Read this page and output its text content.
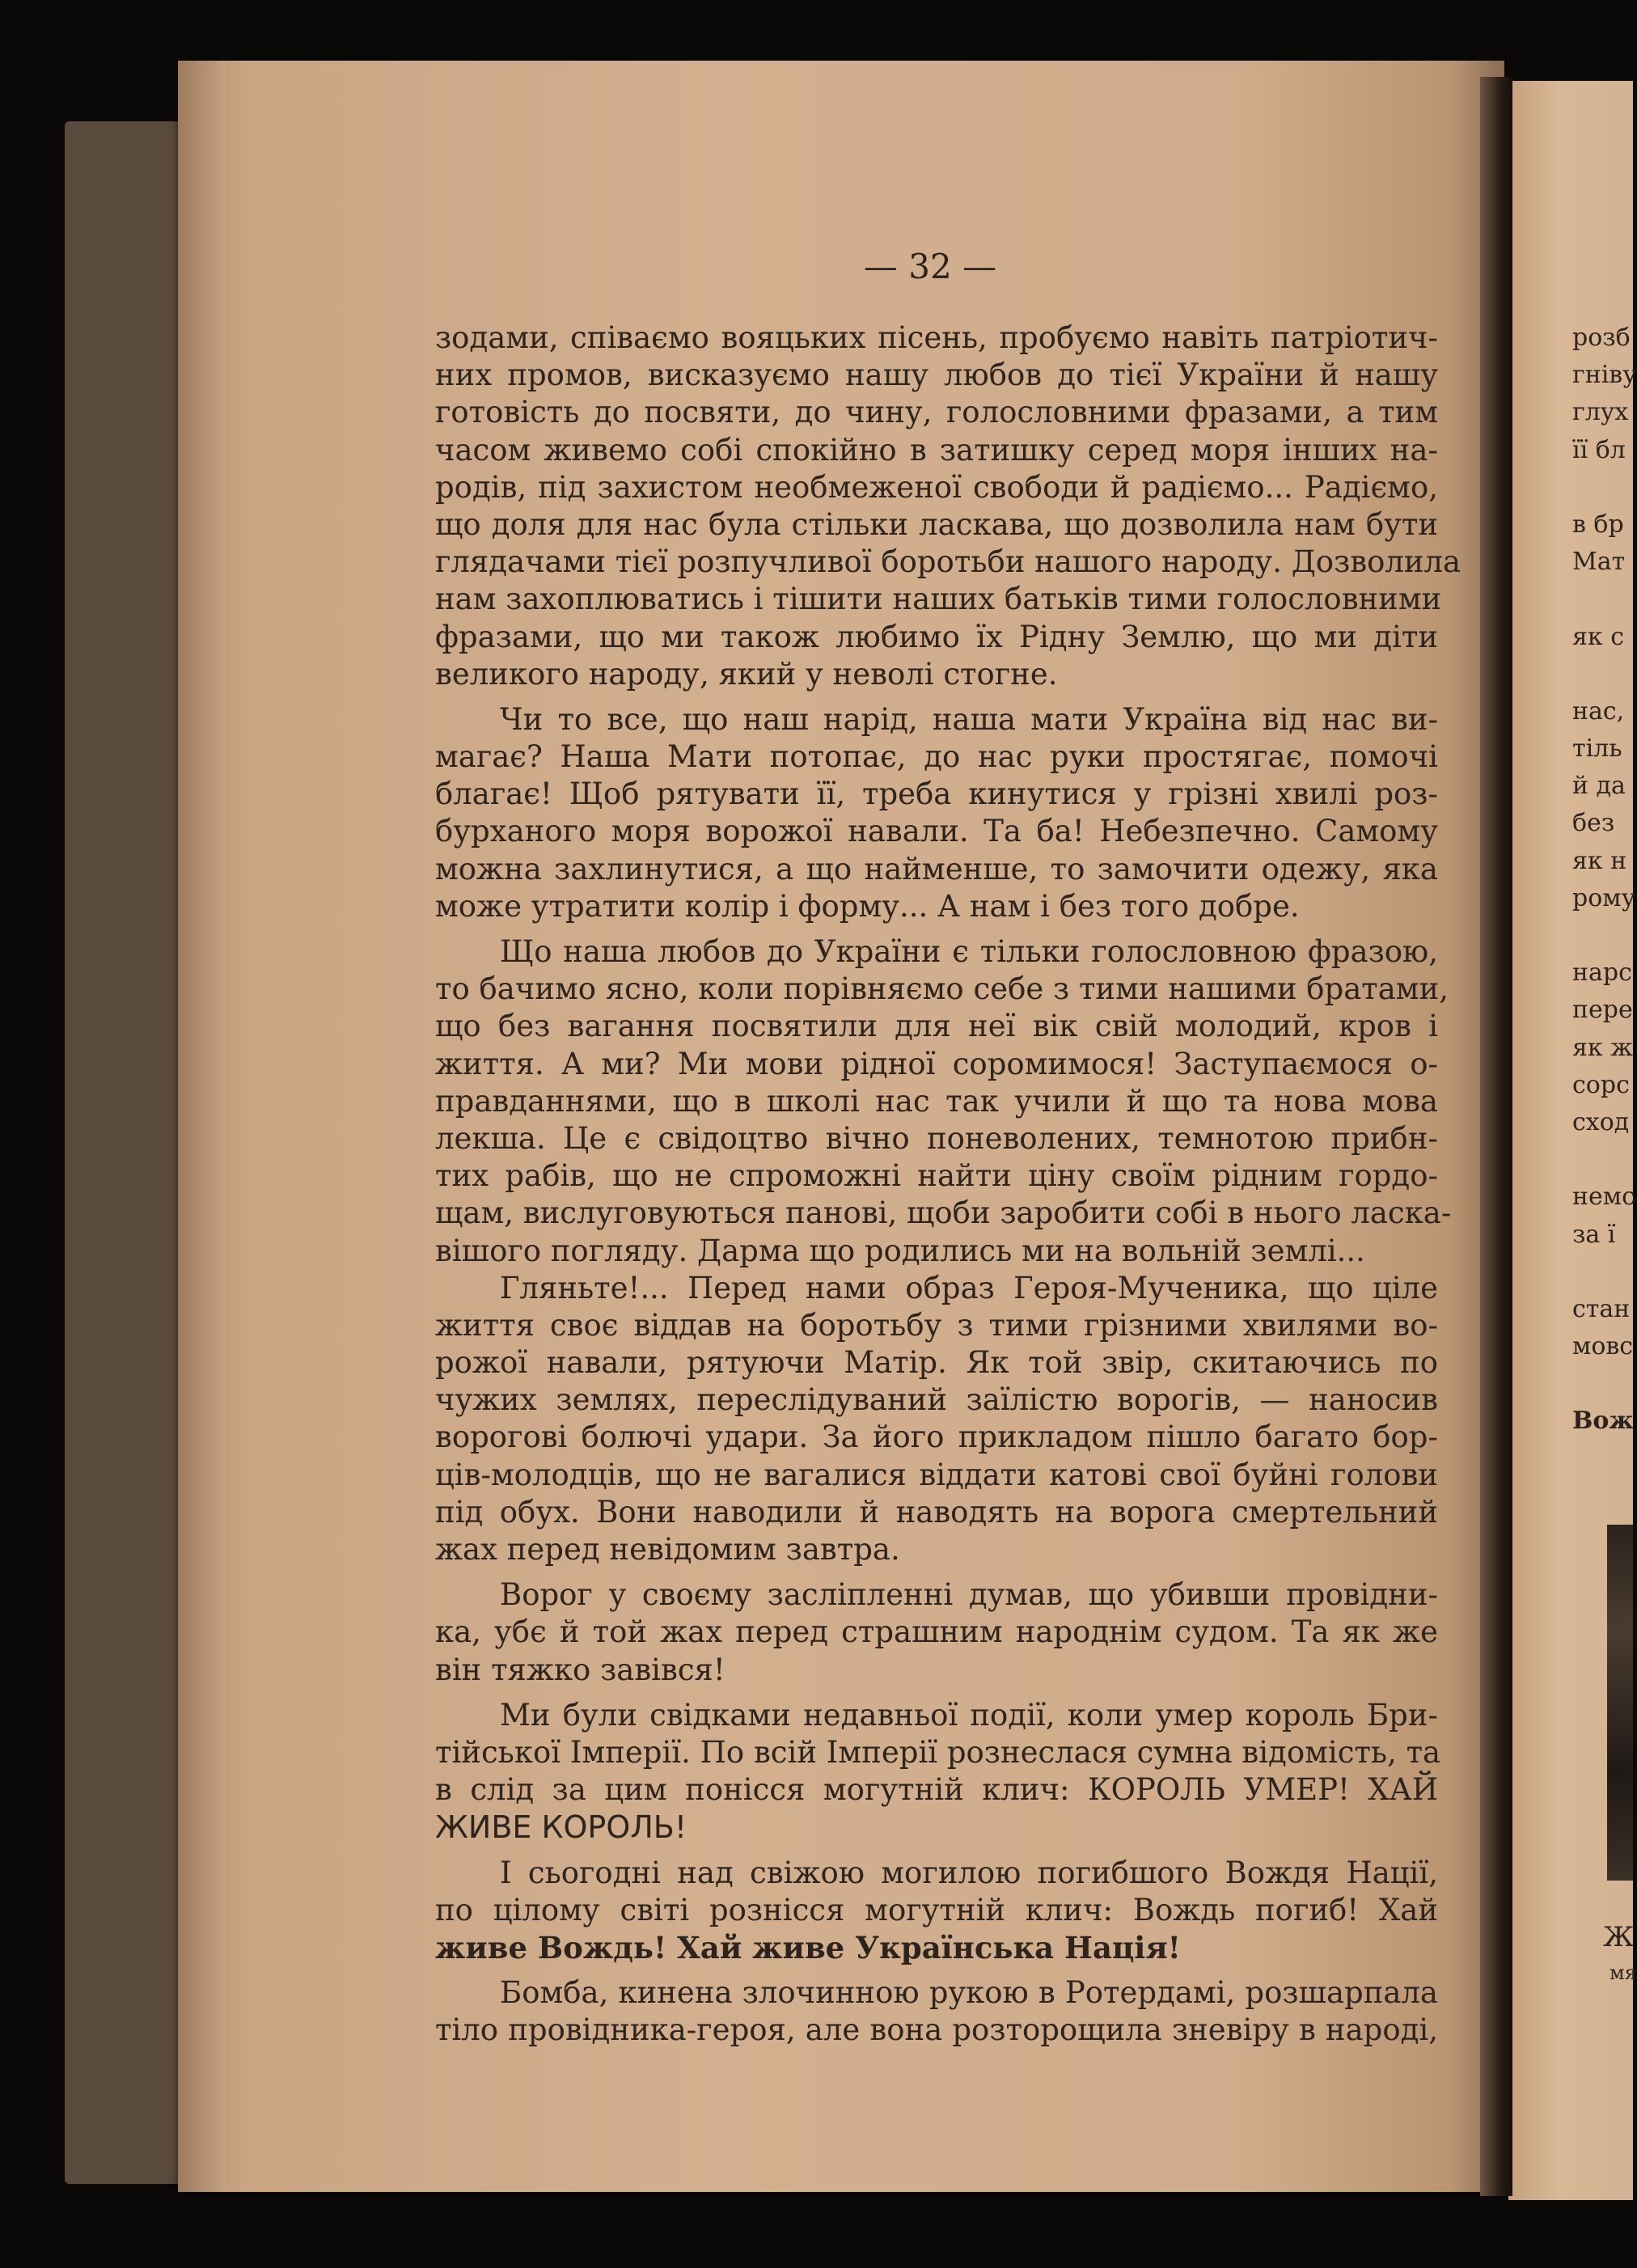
— 32 —
зодами, співаємо вояцьких пісень, пробуємо навіть патріотич-
них промов, висказуємо нашу любов до тієї України й нашу
готовість до посвяти, до чину, голословними фразами, а тим
часом живемо собі спокійно в затишку серед моря інших на-
родів, під захистом необмеженої свободи й радіємо... Радіємо,
що доля для нас була стільки ласкава, що дозволила нам бути
глядачами тієї розпучливої боротьби нашого народу. Дозволила
нам захоплюватись і тішити наших батьків тими голословними
фразами, що ми також любимо їх Рідну Землю, що ми діти
великого народу, який у неволі стогне.
Чи то все, що наш нарід, наша мати Україна від нас ви-
магає? Наша Мати потопає, до нас руки простягає, помочі
благає! Щоб рятувати її, треба кинутися у грізні хвилі роз-
бурханого моря ворожої навали. Та ба! Небезпечно. Самому
можна захлинутися, а що найменше, то замочити одежу, яка
може утратити колір і форму... А нам і без того добре.
Що наша любов до України є тільки голословною фразою,
то бачимо ясно, коли порівняємо себе з тими нашими братами,
що без вагання посвятили для неї вік свій молодий, кров і
життя. А ми? Ми мови рідної соромимося! Заступаємося о-
правданнями, що в школі нас так учили й що та нова мова
лекша. Це є свідоцтво вічно поневолених, темнотою прибн-
тих рабів, що не спроможні найти ціну своїм рідним гордо-
щам, вислуговуються панові, щоби заробити собі в нього ласка-
вішого погляду. Дарма що родились ми на вольній землі...
Гляньте!... Перед нами образ Героя-Мученика, що ціле
життя своє віддав на боротьбу з тими грізними хвилями во-
рожої навали, рятуючи Матір. Як той звір, скитаючись по
чужих землях, переслідуваний заїлістю ворогів, — наносив
ворогові болючі удари. За його прикладом пішло багато бор-
ців-молодців, що не вагалися віддати катові свої буйні голови
під обух. Вони наводили й наводять на ворога смертельний
жах перед невідомим завтра.
Ворог у своєму засліпленні думав, що убивши провідни-
ка, убє й той жах перед страшним народнім судом. Та як же
він тяжко завівся!
Ми були свідками недавньої події, коли умер король Бри-
тійської Імперії. По всій Імперії рознеслася сумна відомість, та
в слід за цим понісся могутній клич: КОРОЛЬ УМЕР! ХАЙ
ЖИВЕ КОРОЛЬ!
І сьогодні над свіжою могилою погибшого Вождя Нації,
по цілому світі розніcся могутній клич: Вождь погиб! Хай
живе Вождь! Хай живе Українська Нація!
Бомба, кинена злочинною рукою в Ротердамі, розшарпала
тіло провідника-героя, але вона розторощила зневіру в народі,
розб
гніву
глух
її бл
в бр
Мат
як с
нас,
тіль
й да
без
як н
рому
нарс
пере
як ж
сорс
сход
немс
за ї
стан
мовс
Вож
Ж
мя
